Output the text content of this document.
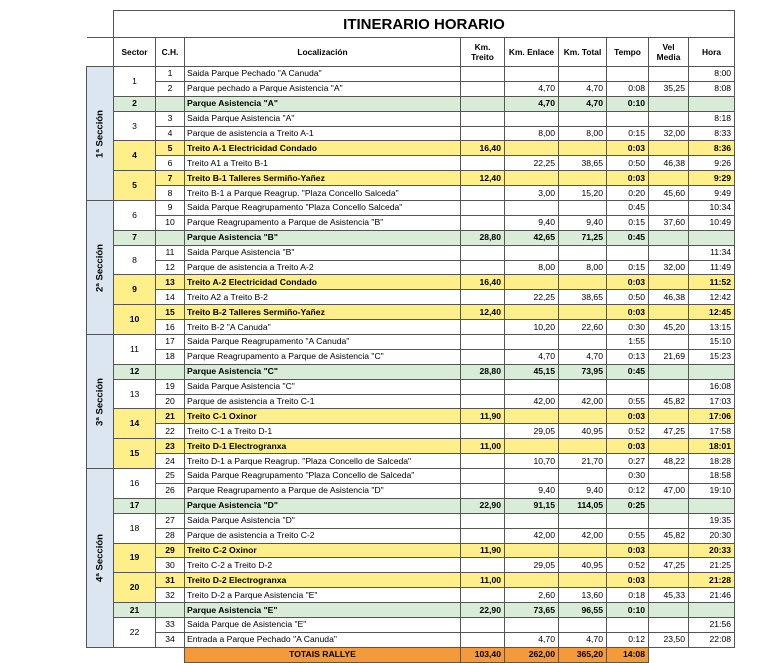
	ITINERARIO HORARIO								
	Sector	C.H.	Localización	Km. Treito	Km. Enlace	Km. Total	Tempo	Vel Media	Hora

1ª Sección	1	1	Saida Parque Pechado "A Canuda"						8:00
		2	Parque pechado a Parque Asistencia "A"		4,70	4,70	0:08	35,25	8:08
	2		Parque Asistencia "A"		4,70	4,70	0:10		
	3	3	Saida Parque Asistencia "A"						8:18
		4	Parque de asistencia a Treito A-1		8,00	8,00	0:15	32,00	8:33
	4	5	Treito A-1 Electricidad Condado	16,40			0:03		8:36
		6	Treito A1 a Treito B-1		22,25	38,65	0:50	46,38	9:26
	5	7	Treito B-1 Talleres Sermiño-Yañez	12,40			0:03		9:29
		8	Treito B-1 a Parque Reagrup. "Plaza Concello Salceda"		3,00	15,20	0:20	45,60	9:49

2ª Sección	6	9	Saida Parque Reagrupamento "Plaza Concello Salceda"				0:45		10:34
		10	Parque Reagrupamento a Parque de Asistencia "B"		9,40	9,40	0:15	37,60	10:49
	7		Parque Asistencia "B"	28,80	42,65	71,25	0:45		
	8	11	Saida Parque Asistencia "B"						11:34
		12	Parque de asistencia a Treito A-2		8,00	8,00	0:15	32,00	11:49
	9	13	Treito A-2 Electricidad Condado	16,40			0:03		11:52
		14	Treito A2 a Treito B-2		22,25	38,65	0:50	46,38	12:42
	10	15	Treito B-2 Talleres Sermiño-Yañez	12,40			0:03		12:45
		16	Treito B-2 "A Canuda"		10,20	22,60	0:30	45,20	13:15

3ª Sección	11	17	Saida Parque Reagrupamento "A Canuda"				1:55		15:10
		18	Parque Reagrupamento a Parque de Asistencia "C"		4,70	4,70	0:13	21,69	15:23
	12		Parque Asistencia "C"	28,80	45,15	73,95	0:45		
	13	19	Saida Parque Asistencia "C"						16:08
		20	Parque de asistencia a Treito C-1		42,00	42,00	0:55	45,82	17:03
	14	21	Treito C-1 Oxinor	11,90			0:03		17:06
		22	Treito C-1 a Treito D-1		29,05	40,95	0:52	47,25	17:58
	15	23	Treito D-1 Electrogranxa	11,00			0:03		18:01
		24	Treito D-1 a Parque Reagrup. "Plaza Concello de Salceda"		10,70	21,70	0:27	48,22	18:28

4ª Sección	16	25	Saida Parque Reagrupamento "Plaza Concello de Salceda"				0:30		18:58
		26	Parque Reagrupamento a Parque de Asistencia "D"		9,40	9,40	0:12	47,00	19:10
	17		Parque Asistencia "D"	22,90	91,15	114,05	0:25		
	18	27	Saida Parque Asistencia "D"						19:35
		28	Parque de asistencia a Treito C-2		42,00	42,00	0:55	45,82	20:30
	19	29	Treito C-2 Oxinor	11,90			0:03		20:33
		30	Treito C-2 a Treito D-2		29,05	40,95	0:52	47,25	21:25
	20	31	Treito D-2 Electrogranxa	11,00			0:03		21:28
		32	Treito D-2 a Parque Asistencia "E"		2,60	13,60	0:18	45,33	21:46
	21		Parque Asistencia "E"	22,90	73,65	96,55	0:10		
	22	33	Saida Parque de Asistencia "E"						21:56
		34	Entrada a Parque Pechado "A Canuda"		4,70	4,70	0:12	23,50	22:08
			TOTAIS RALLYE	103,40	262,00	365,20	14:08		
